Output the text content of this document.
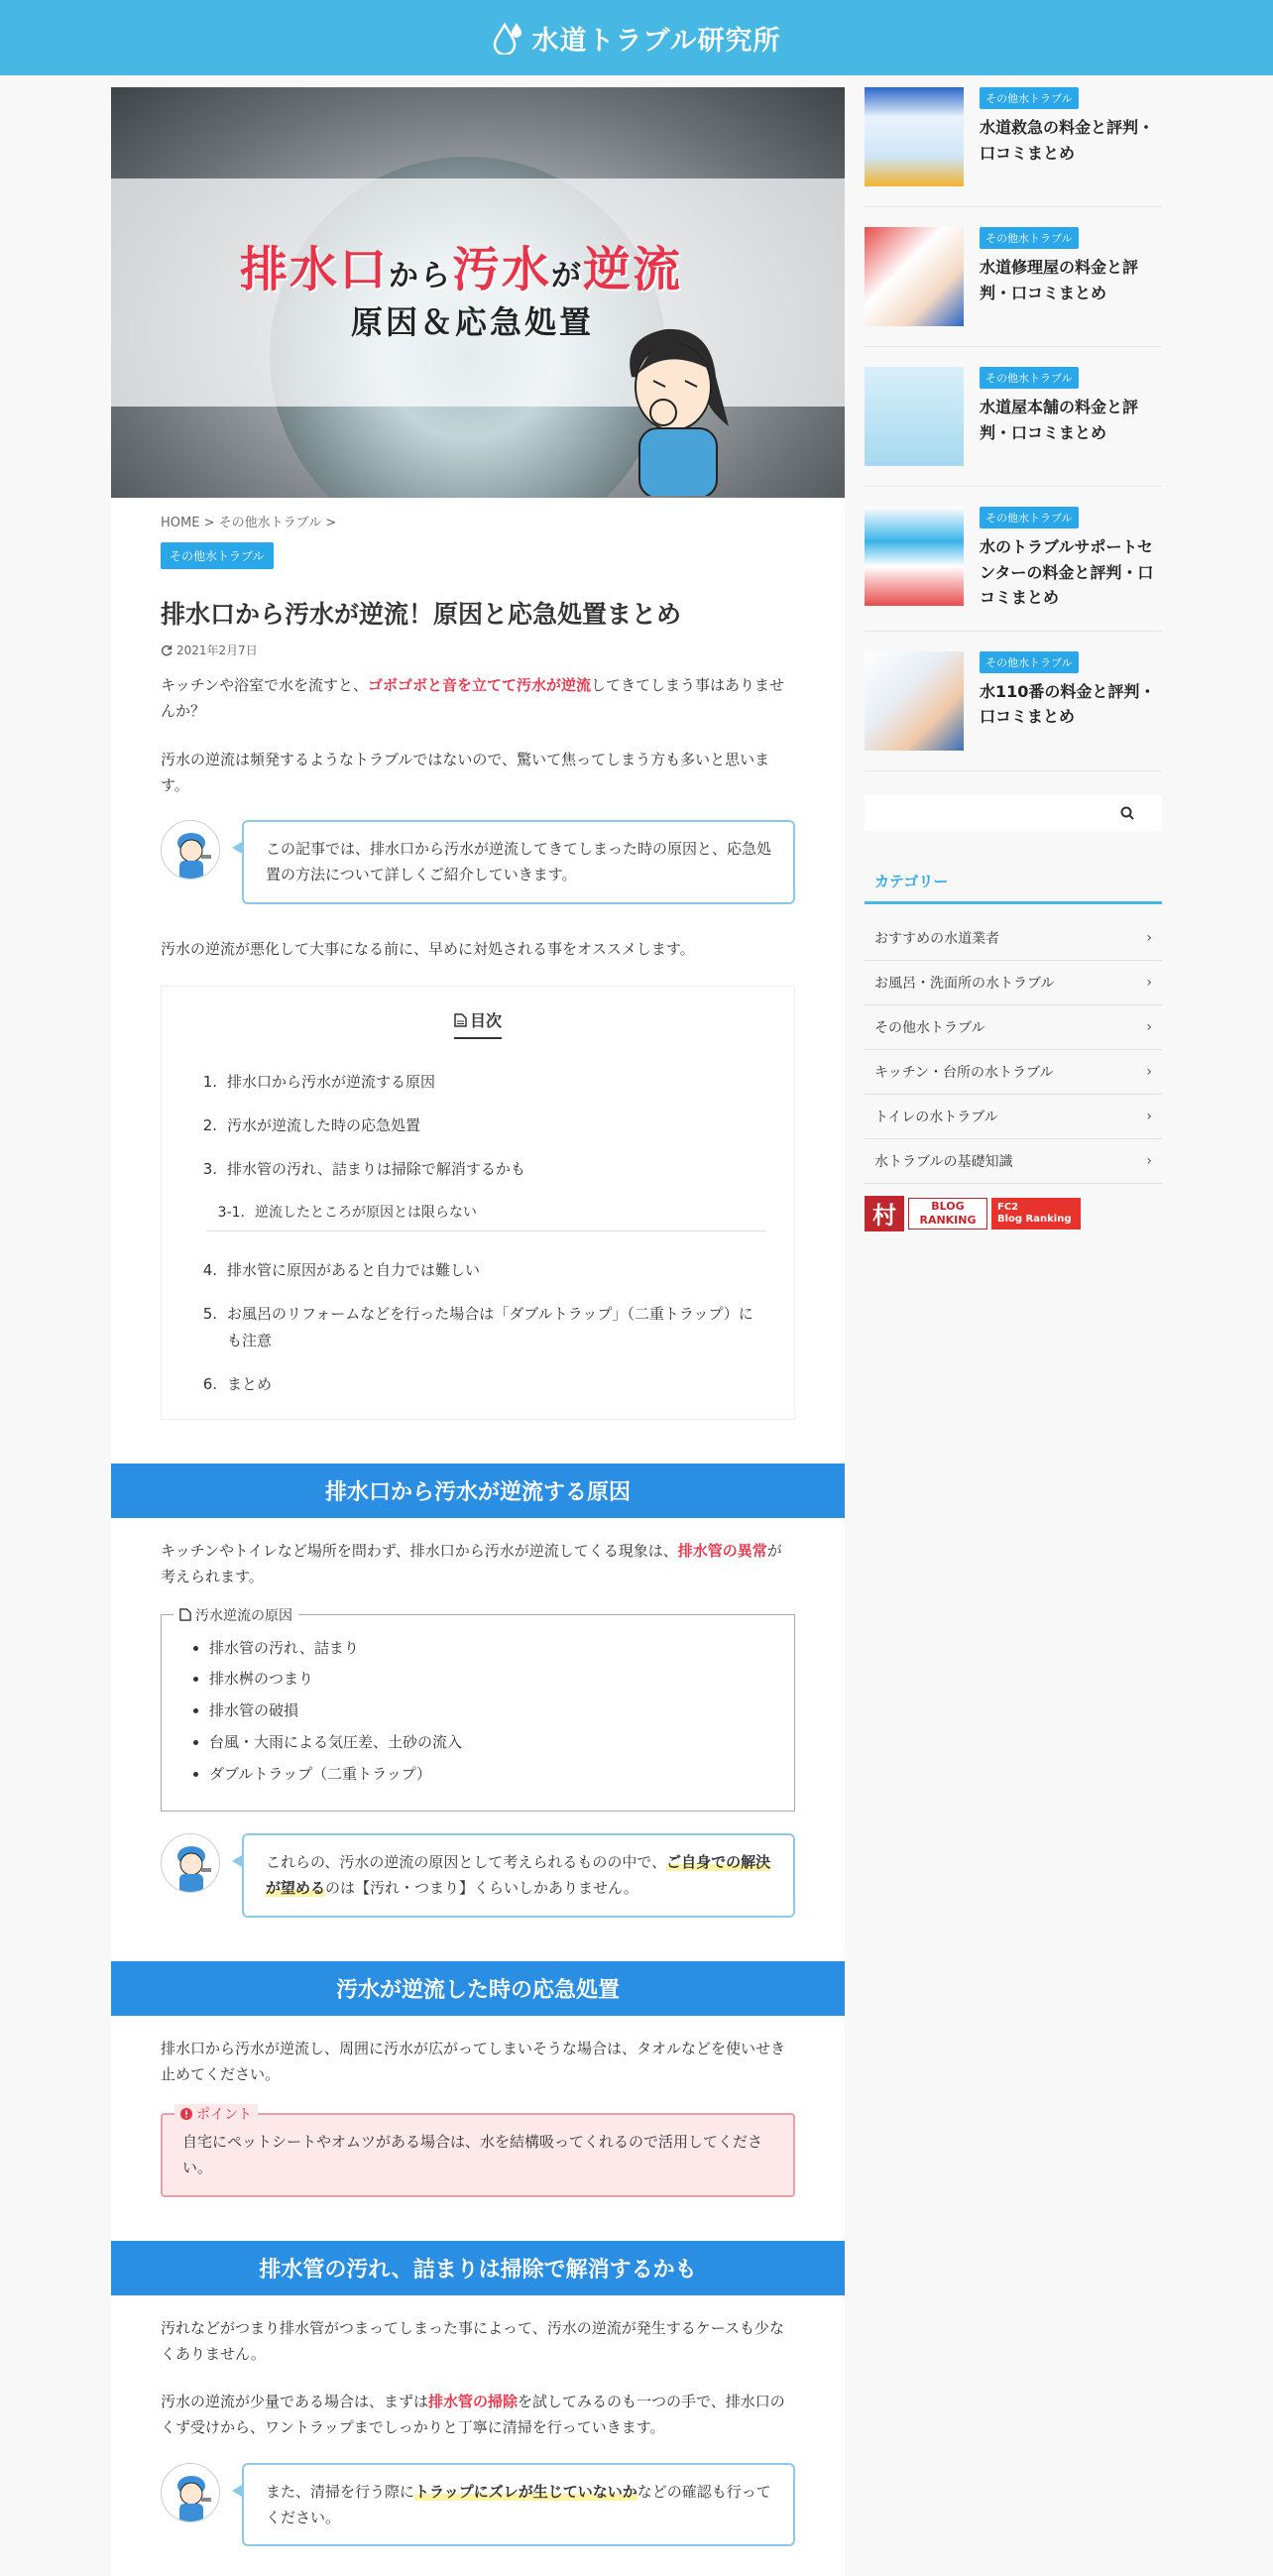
水道トラブル研究所
排水口から汚水が逆流
原因＆応急処置
HOME > その他水トラブル >
その他水トラブル
排水口から汚水が逆流！原因と応急処置まとめ
2021年2月7日

キッチンや浴室で水を流すと、ゴボゴボと音を立てて汚水が逆流してきてしまう事はありませんか？

汚水の逆流は頻発するようなトラブルではないので、驚いて焦ってしまう方も多いと思います。

この記事では、排水口から汚水が逆流してきてしまった時の原因と、応急処置の方法について詳しくご紹介していきます。

汚水の逆流が悪化して大事になる前に、早めに対処される事をオススメします。

目次
1. 排水口から汚水が逆流する原因
2. 汚水が逆流した時の応急処置
3. 排水管の汚れ、詰まりは掃除で解消するかも
3-1. 逆流したところが原因とは限らない
4. 排水管に原因があると自力では難しい
5. お風呂のリフォームなどを行った場合は「ダブルトラップ」（二重トラップ）にも注意
6. まとめ
排水口から汚水が逆流する原因

キッチンやトイレなど場所を問わず、排水口から汚水が逆流してくる現象は、排水管の異常が考えられます。

汚水逆流の原因
• 排水管の汚れ、詰まり
• 排水桝のつまり
• 排水管の破損
• 台風・大雨による気圧差、土砂の流入
• ダブルトラップ（二重トラップ）
これらの、汚水の逆流の原因として考えられるものの中で、ご自身での解決が望めるのは【汚れ・つまり】くらいしかありません。
汚水が逆流した時の応急処置

排水口から汚水が逆流し、周囲に汚水が広がってしまいそうな場合は、タオルなどを使いせき止めてください。

ポイント

自宅にペットシートやオムツがある場合は、水を結構吸ってくれるので活用してください。

排水管の汚れ、詰まりは掃除で解消するかも

汚れなどがつまり排水管がつまってしまった事によって、汚水の逆流が発生するケースも少なくありません。

汚水の逆流が少量である場合は、まずは排水管の掃除を試してみるのも一つの手で、排水口のくず受けから、ワントラップまでしっかりと丁寧に清掃を行っていきます。

また、清掃を行う際にトラップにズレが生じていないかなどの確認も行ってください。
その他水トラブル
水道救急の料金と評判・口コミまとめ
その他水トラブル
水道修理屋の料金と評判・口コミまとめ
その他水トラブル
水道屋本舗の料金と評判・口コミまとめ
その他水トラブル
水のトラブルサポートセンターの料金と評判・口コミまとめ
その他水トラブル
水110番の料金と評判・口コミまとめ
カテゴリー
おすすめの水道業者	›
お風呂・洗面所の水トラブル	›
その他水トラブル	›
キッチン・台所の水トラブル	›
トイレの水トラブル	›
水トラブルの基礎知識	›
村	BLOG
RANKING
FC2
Blog Ranking
